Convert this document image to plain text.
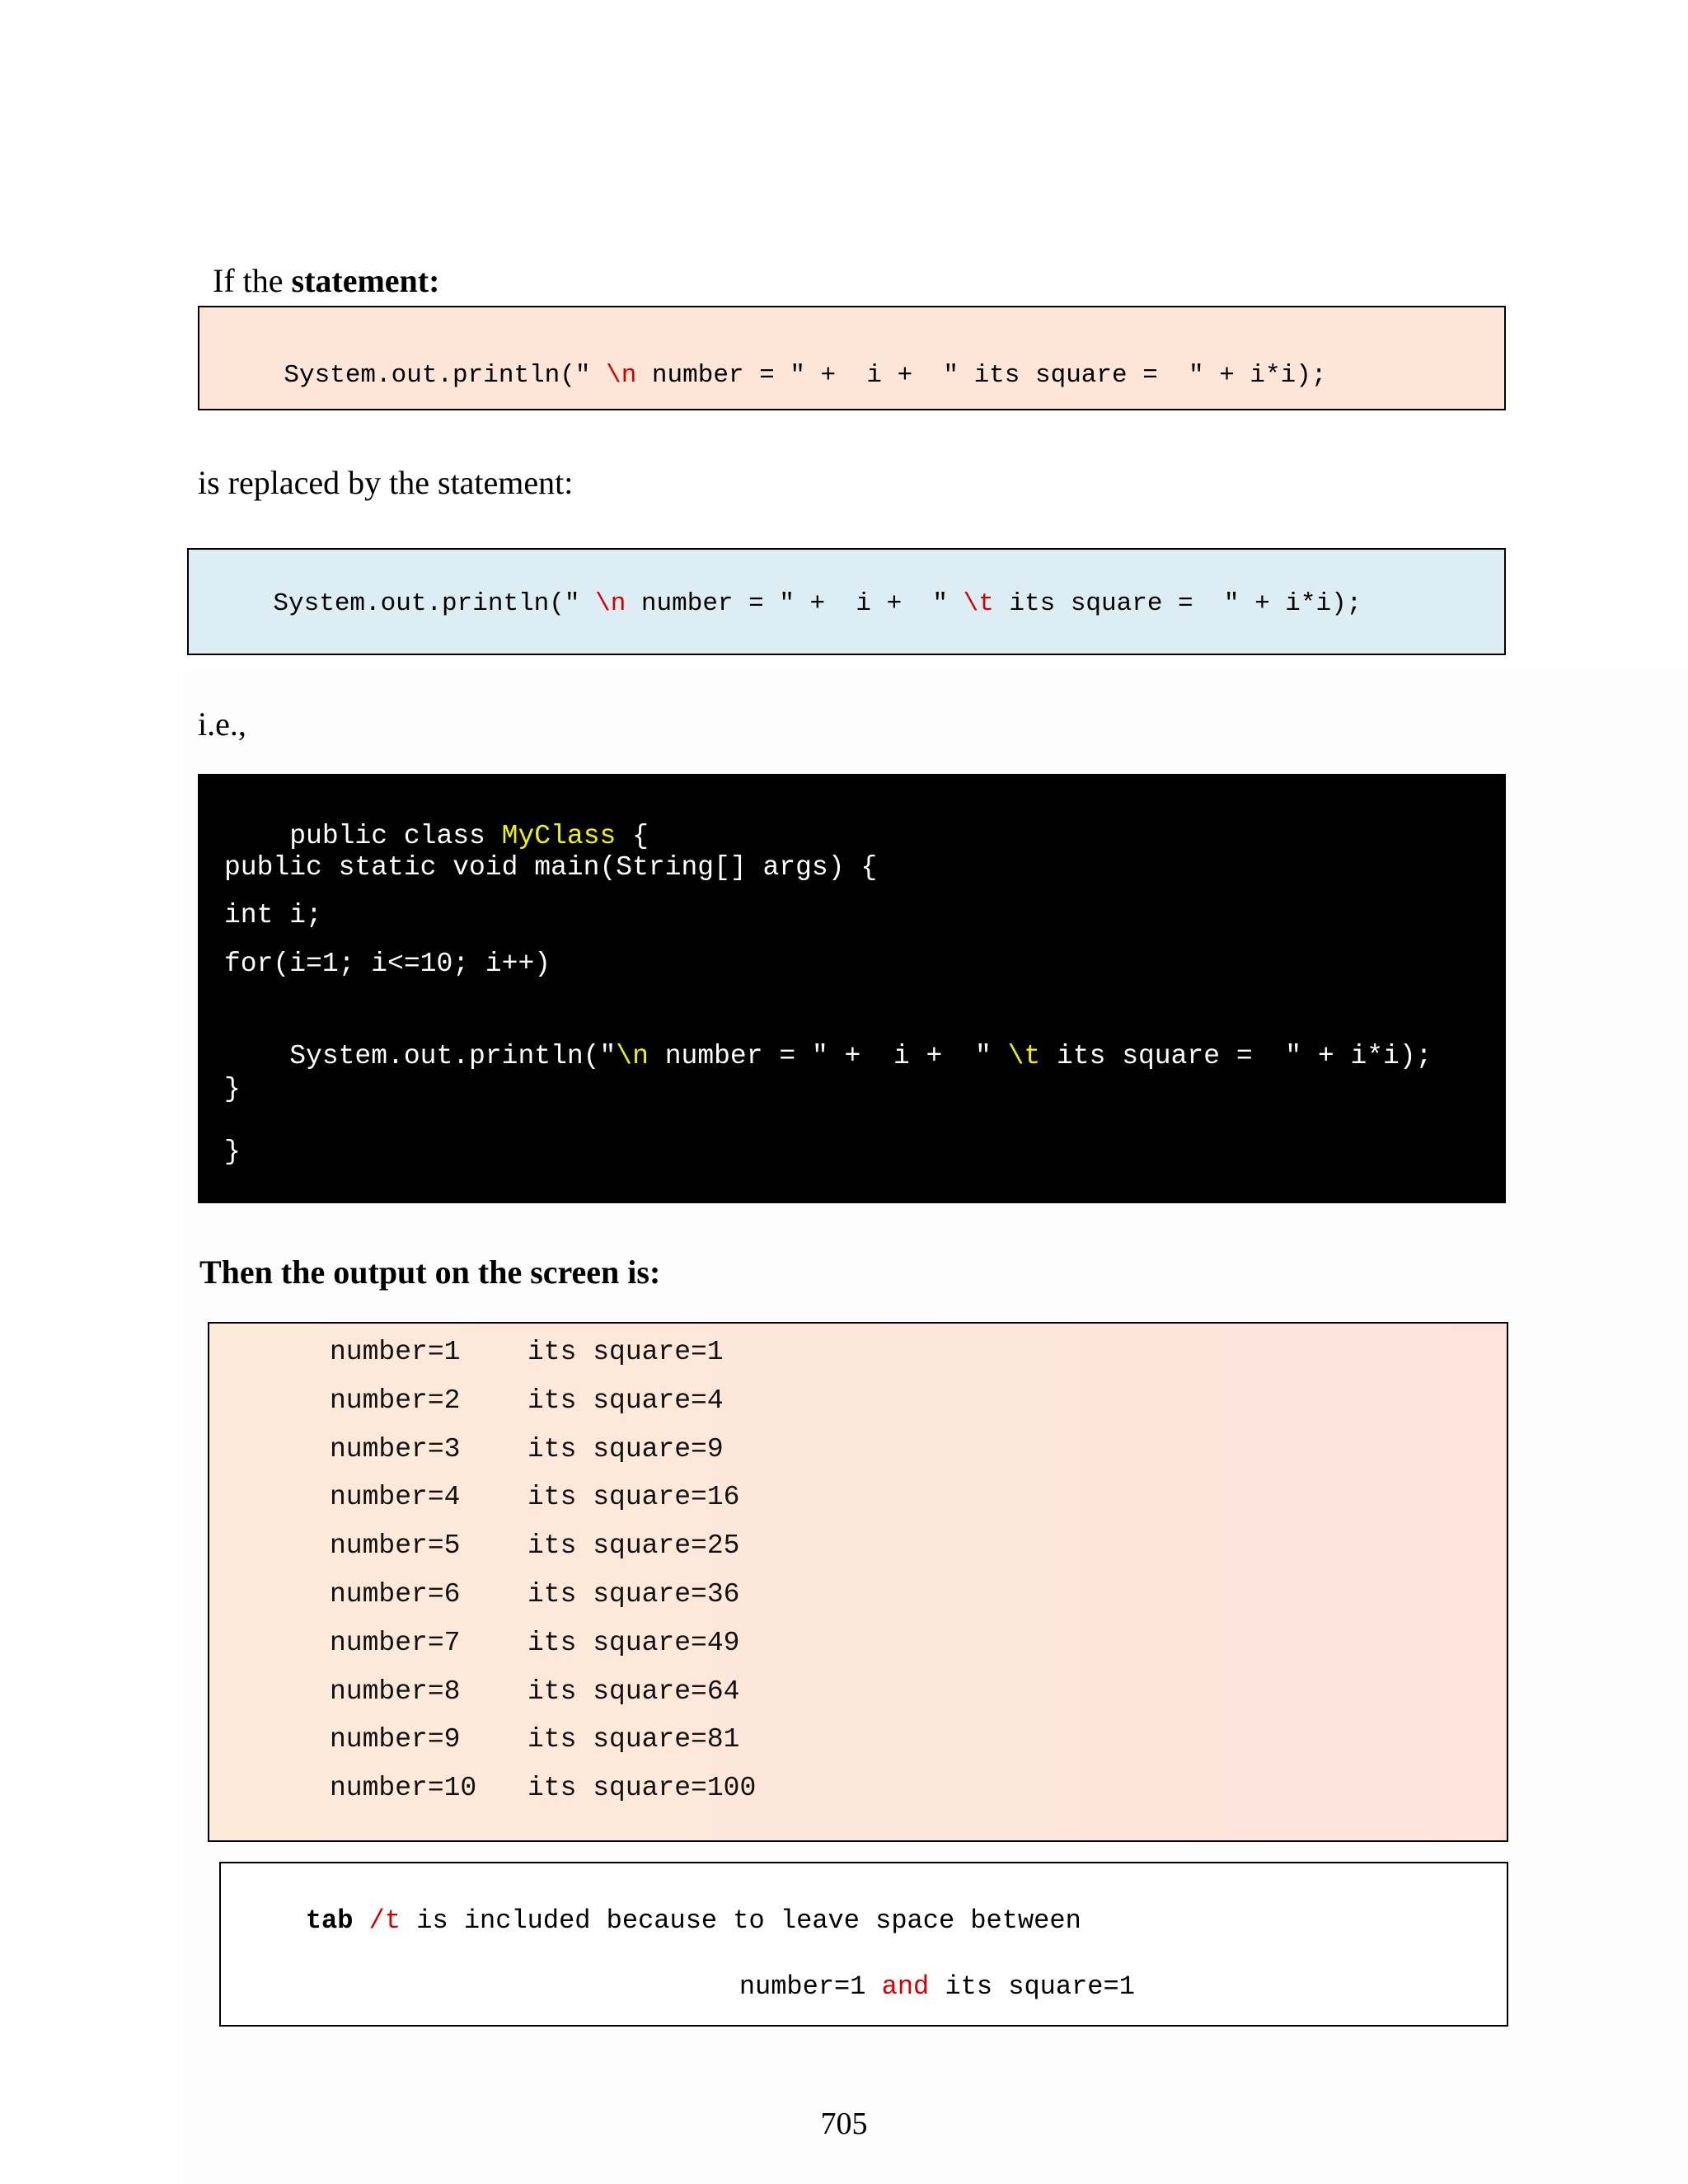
If the statement:

System.out.println(" \n number = " +  i +  " its square =  " + i*i);

is replaced by the statement:

System.out.println(" \n number = " +  i +  " \t its square =  " + i*i);

i.e.,

public class MyClass {

public static void main(String[] args) {
int i;
for(i=1; i<=10; i++)

System.out.println("\n number = " +  i +  " \t its square =  " + i*i);

}
}
Then the output on the screen is:
number=1 its square=1
number=2 its square=4
number=3 its square=9
number=4 its square=16
number=5 its square=25
number=6 its square=36
number=7 its square=49
number=8 its square=64
number=9 its square=81
number=10 its square=100

tab /t is included because to leave space between

number=1 and its square=1

705
